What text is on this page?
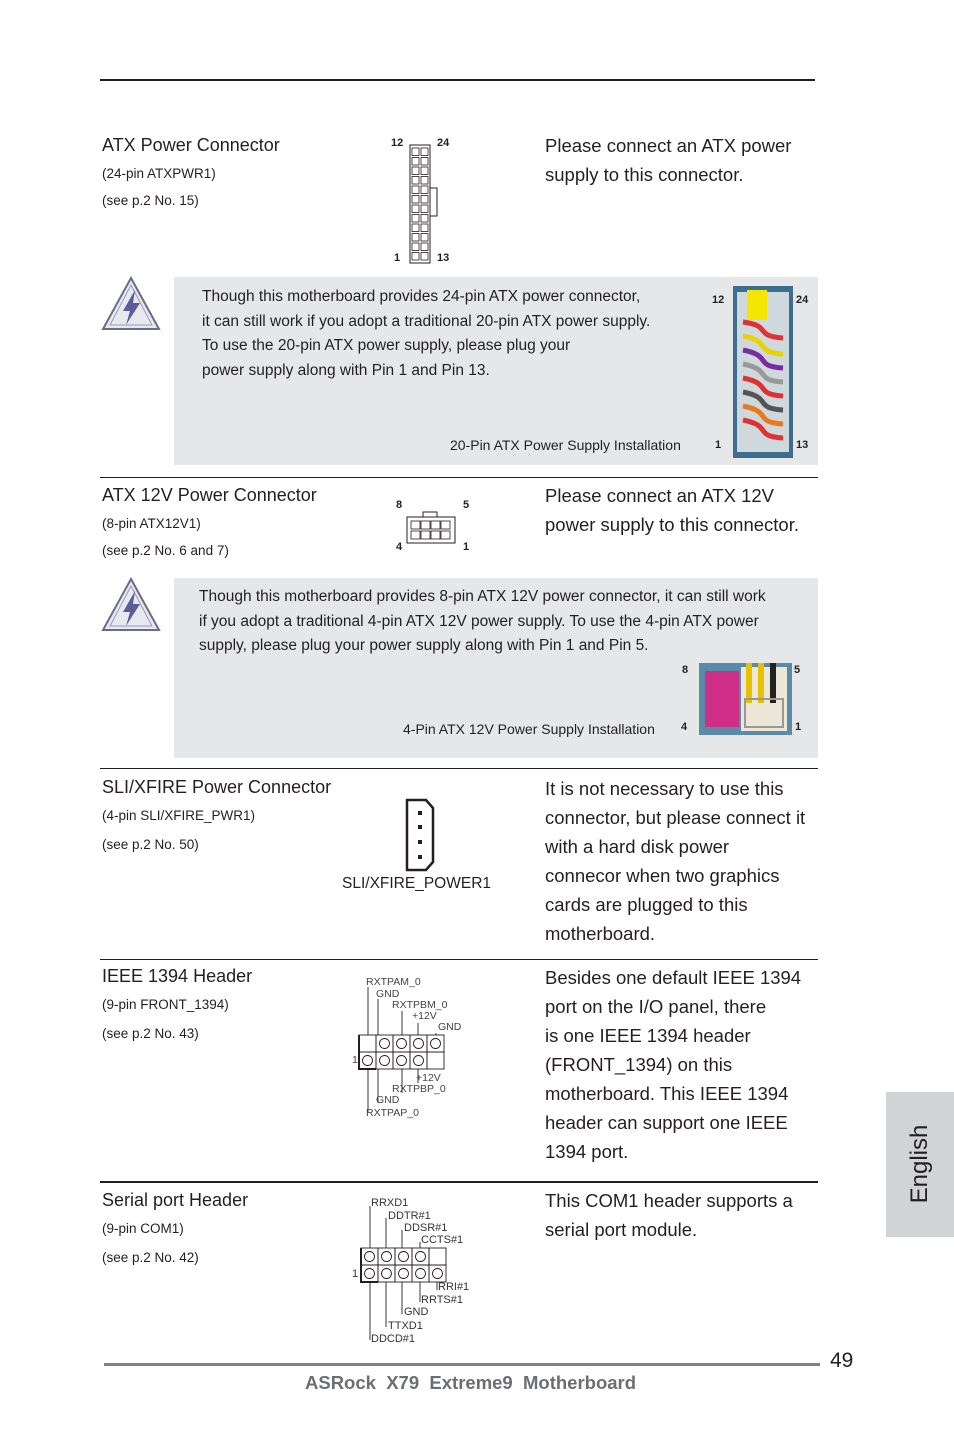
ATX Power Connector
(24-pin ATXPWR1)
(see p.2 No. 15)
12	24
1	13
Please connect an ATX power
supply to this connector.
Though this motherboard provides 24-pin ATX power connector,
it can still work if you adopt a traditional 20-pin ATX power supply.
To use the 20-pin ATX power supply, please plug your
power supply along with Pin 1 and Pin 13.
20-Pin ATX Power Supply Installation
12	24
1	13
ATX 12V Power Connector
(8-pin ATX12V1)
(see p.2 No. 6 and 7)
8	5
4	1
Please connect an ATX 12V
power supply to this connector.
Though this motherboard provides 8-pin ATX 12V power connector, it can still work
if you adopt a traditional 4-pin ATX 12V power supply. To use the 4-pin ATX power
supply, please plug your power supply along with Pin 1 and Pin 5.
4-Pin ATX 12V Power Supply Installation
8	5
4	1
SLI/XFIRE Power Connector
(4-pin SLI/XFIRE_PWR1)
(see p.2 No. 50)
SLI/XFIRE_POWER1
It is not necessary to use this
connector, but please connect it
with a hard disk power
connecor when two graphics
cards are plugged to this
motherboard.
IEEE 1394 Header
(9-pin FRONT_1394)
(see p.2 No. 43)
RXTPAM_0
GND
RXTPBM_0
+12V
GND
1
+12V
RXTPBP_0
GND
RXTPAP_0
Besides one default IEEE 1394
port on the I/O panel, there
is one IEEE 1394 header
(FRONT_1394) on this
motherboard. This IEEE 1394
header can support one IEEE
1394 port.
Serial port Header
(9-pin COM1)
(see p.2 No. 42)
RRXD1
DDTR#1
DDSR#1
CCTS#1
1
RRI#1
RRTS#1
GND
TTXD1
DDCD#1
This COM1 header supports a
serial port module.
English
49
ASRock  X79  Extreme9  Motherboard
